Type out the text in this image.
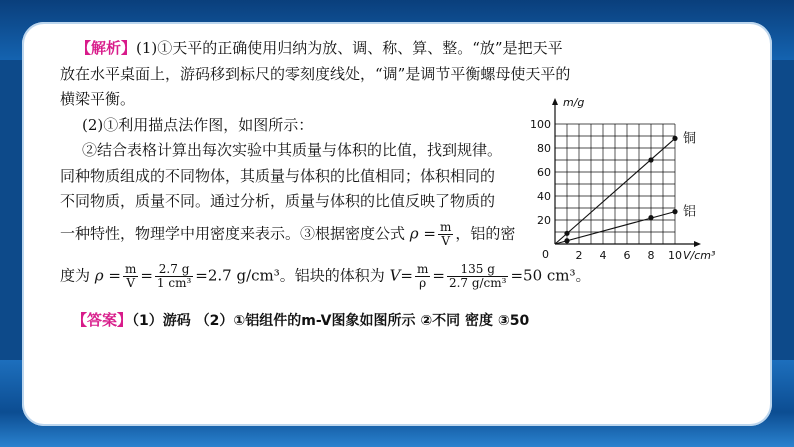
【解析】(1)①天平的正确使用归纳为放、调、称、算、整。“放”是把天平
放在水平桌面上，游码移到标尺的零刻度线处，“调”是调节平衡螺母使天平的
横梁平衡。
(2)①利用描点法作图，如图所示：
②结合表格计算出每次实验中其质量与体积的比值，找到规律。
同种物质组成的不同物体，其质量与体积的比值相同；体积相同的
不同物质，质量不同。通过分析，质量与体积的比值反映了物质的
一种特性，物理学中用密度来表示。③根据密度公式 $\rho = \frac{m}{V}$ ，铝的密
度为 $\rho = \frac{m}{V} = \frac{2.7 g}{\text{1 cm³}} =2.7$ g/cm³。铝块的体积为 $V= \frac{m}{\rho} = \frac{135 g}{\text{2.7 g/cm³}} =50$ cm³。
【答案】（1）游码 （2）①铝组件的m-V图象如图所示 ②不同 密度 ③50
2 4 6 8 10
20
40
60
80
100
0
m/g
V/cm³
铜
铝
